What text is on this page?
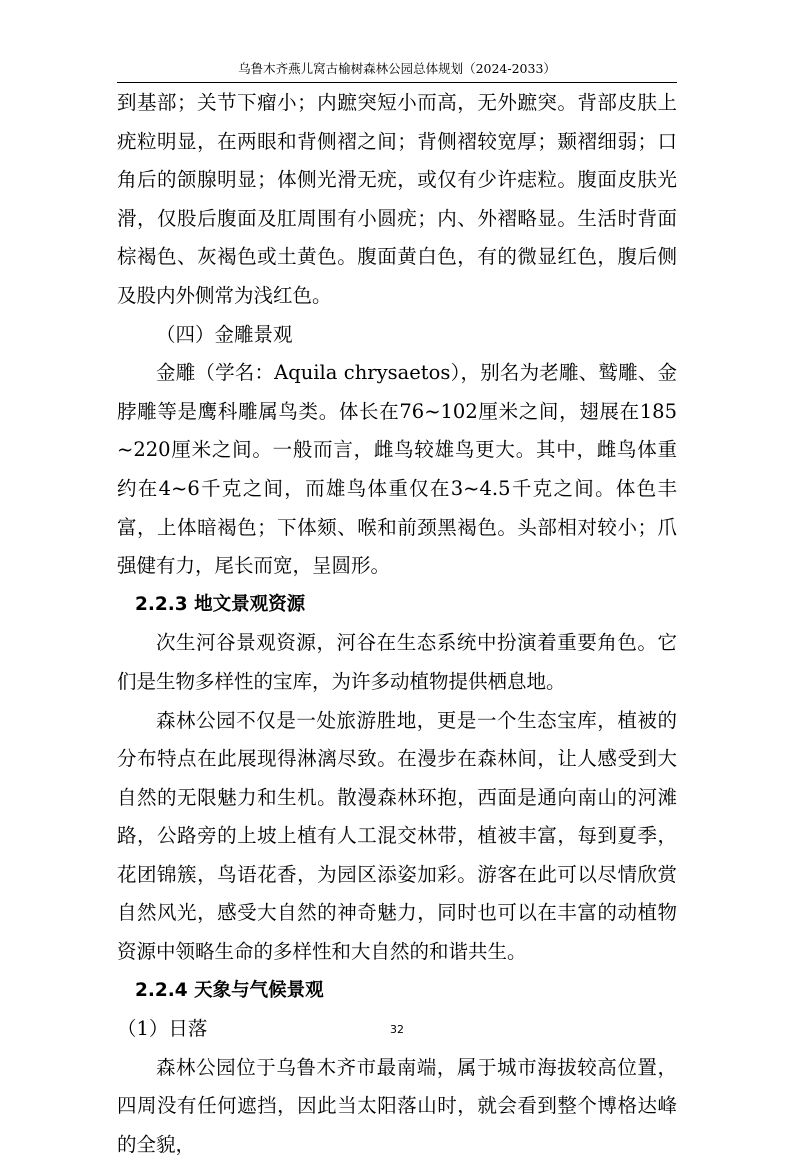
乌鲁木齐燕儿窝古榆树森林公园总体规划（2024-2033）

到基部；关节下瘤小；内蹠突短小而高，无外蹠突。背部皮肤上疣粒明显，在两眼和背侧褶之间；背侧褶较宽厚；颞褶细弱；口角后的颌腺明显；体侧光滑无疣，或仅有少许痣粒。腹面皮肤光滑，仅股后腹面及肛周围有小圆疣；内、外褶略显。生活时背面棕褐色、灰褐色或土黄色。腹面黄白色，有的微显红色，腹后侧及股内外侧常为浅红色。

（四）金雕景观

金雕（学名：Aquila chrysaetos），别名为老雕、鹫雕、金脖雕等是鹰科雕属鸟类。体长在76~102厘米之间，翅展在185~220厘米之间。一般而言，雌鸟较雄鸟更大。其中，雌鸟体重约在4~6千克之间，而雄鸟体重仅在3~4.5千克之间。体色丰富，上体暗褐色；下体颏、喉和前颈黑褐色。头部相对较小；爪强健有力，尾长而宽，呈圆形。

2.2.3 地文景观资源

次生河谷景观资源，河谷在生态系统中扮演着重要角色。它们是生物多样性的宝库，为许多动植物提供栖息地。

森林公园不仅是一处旅游胜地，更是一个生态宝库，植被的分布特点在此展现得淋漓尽致。在漫步在森林间，让人感受到大自然的无限魅力和生机。散漫森林环抱，西面是通向南山的河滩路，公路旁的上坡上植有人工混交林带，植被丰富，每到夏季，花团锦簇，鸟语花香，为园区添姿加彩。游客在此可以尽情欣赏自然风光，感受大自然的神奇魅力，同时也可以在丰富的动植物资源中领略生命的多样性和大自然的和谐共生。

2.2.4 天象与气候景观

（1）日落

森林公园位于乌鲁木齐市最南端，属于城市海拔较高位置，四周没有任何遮挡，因此当太阳落山时，就会看到整个博格达峰的全貌，

32
